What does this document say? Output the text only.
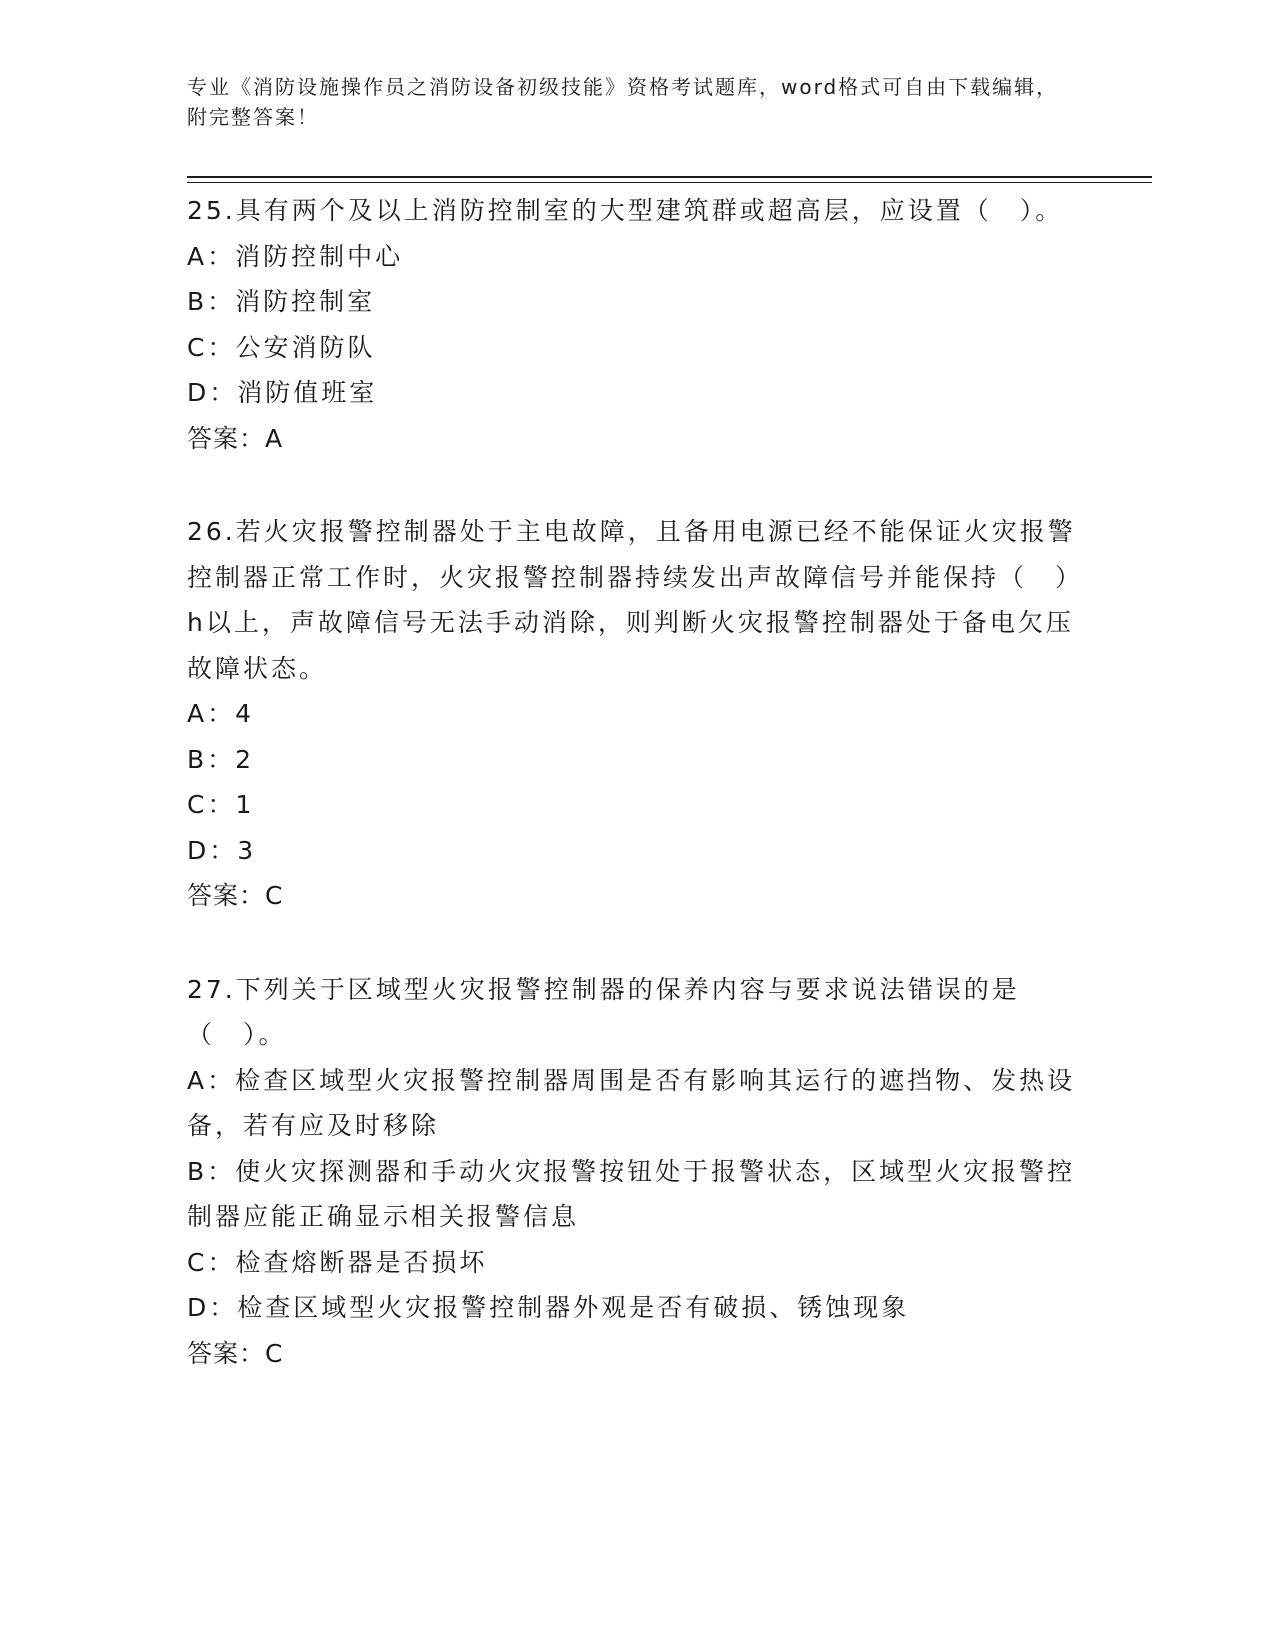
专业《消防设施操作员之消防设备初级技能》资格考试题库，word格式可自由下载编辑，附完整答案！

25.具有两个及以上消防控制室的大型建筑群或超高层，应设置（　）。

A：消防控制中心

B：消防控制室

C：公安消防队

D：消防值班室

答案：A

26.若火灾报警控制器处于主电故障，且备用电源已经不能保证火灾报警控制器正常工作时，火灾报警控制器持续发出声故障信号并能保持（　）h以上，声故障信号无法手动消除，则判断火灾报警控制器处于备电欠压故障状态。

A：4

B：2

C：1

D：3

答案：C

27.下列关于区域型火灾报警控制器的保养内容与要求说法错误的是（　）。

A：检查区域型火灾报警控制器周围是否有影响其运行的遮挡物、发热设备，若有应及时移除

B：使火灾探测器和手动火灾报警按钮处于报警状态，区域型火灾报警控制器应能正确显示相关报警信息

C：检查熔断器是否损坏

D：检查区域型火灾报警控制器外观是否有破损、锈蚀现象

答案：C
